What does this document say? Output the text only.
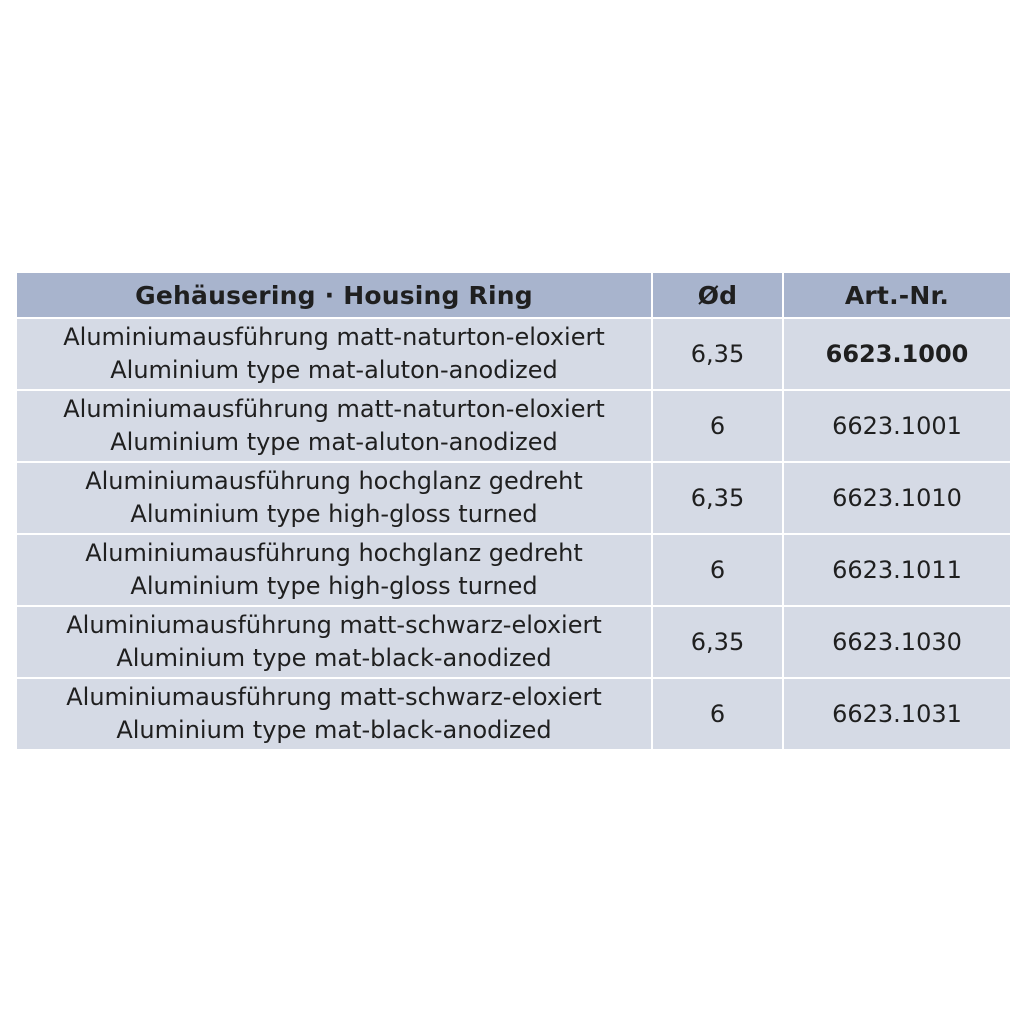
Gehäusering · Housing Ring	Ød	Art.-Nr.

Aluminiumausführung matt-naturton-eloxiert
Aluminium type mat-aluton-anodized	6,35	6623.1000

Aluminiumausführung matt-naturton-eloxiert
Aluminium type mat-aluton-anodized	6	6623.1001

Aluminiumausführung hochglanz gedreht
Aluminium type high-gloss turned	6,35	6623.1010

Aluminiumausführung hochglanz gedreht
Aluminium type high-gloss turned	6	6623.1011

Aluminiumausführung matt-schwarz-eloxiert
Aluminium type mat-black-anodized	6,35	6623.1030

Aluminiumausführung matt-schwarz-eloxiert
Aluminium type mat-black-anodized	6	6623.1031
